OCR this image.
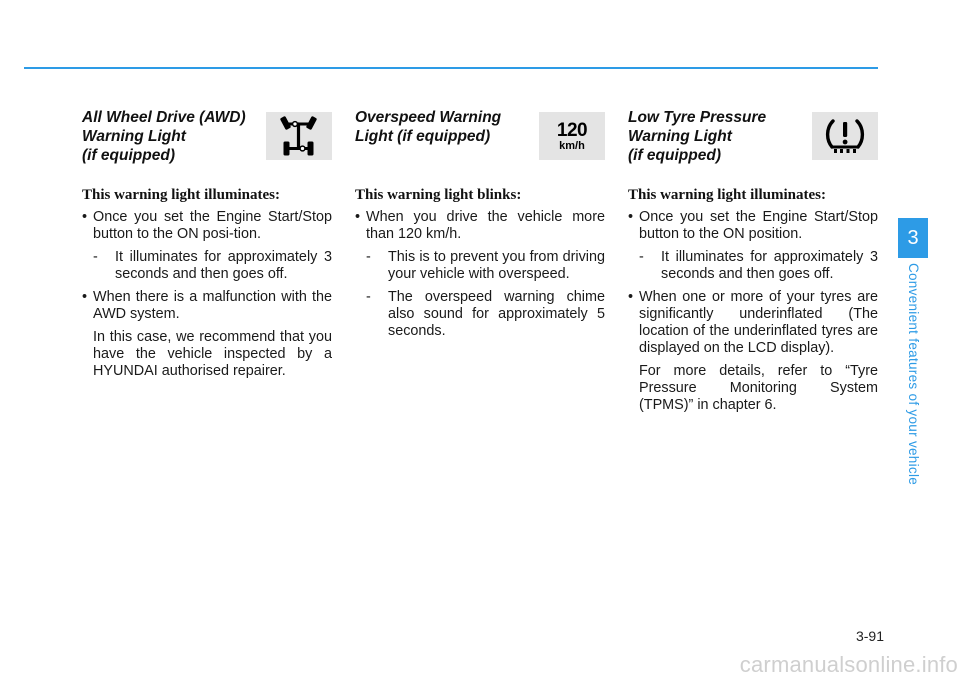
All Wheel Drive (AWD)
Warning Light
(if equipped)

This warning light illuminates:

• Once you set the Engine Start/Stop button to the ON posi-tion.
- It illuminates for approximately 3 seconds and then goes off.
• When there is a malfunction with the AWD system.

In this case, we recommend that you have the vehicle inspected by a HYUNDAI authorised repairer.

Overspeed Warning
Light (if equipped)	120
km/h

This warning light blinks:

• When you drive the vehicle more than 120 km/h.
- This is to prevent you from driving your vehicle with overspeed.
- The overspeed warning chime also sound for approximately 5 seconds.
Low Tyre Pressure
Warning Light
(if equipped)

This warning light illuminates:

• Once you set the Engine Start/Stop button to the ON position.
- It illuminates for approximately 3 seconds and then goes off.
• When one or more of your tyres are significantly underinflated (The location of the underinflated tyres are displayed on the LCD display).

For more details, refer to “Tyre Pressure Monitoring System (TPMS)” in chapter 6.

3
Convenient features of your vehicle
3-91
carmanualsonline.info
